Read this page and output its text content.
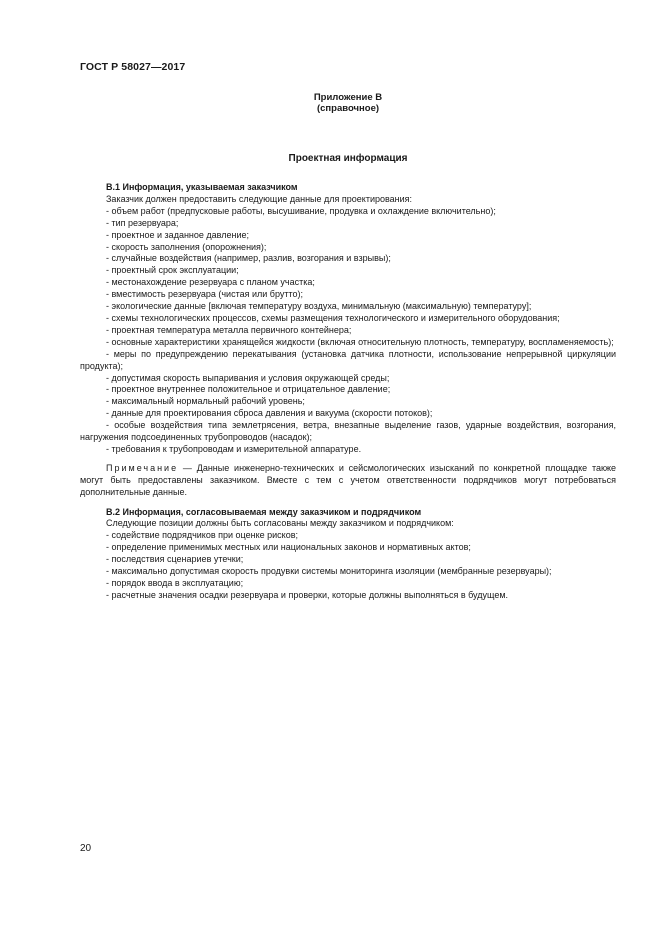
ГОСТ Р 58027—2017
Приложение В
(справочное)
Проектная информация

В.1 Информация, указываемая заказчиком

Заказчик должен предоставить следующие данные для проектирования:

- объем работ (предпусковые работы, высушивание, продувка и охлаждение включительно);

- тип резервуара;

- проектное и заданное давление;

- скорость заполнения (опорожнения);

- случайные воздействия (например, разлив, возгорания и взрывы);

- проектный срок эксплуатации;

- местонахождение резервуара с планом участка;

- вместимость резервуара (чистая или брутто);

- экологические данные [включая температуру воздуха, минимальную (максимальную) температуру];

- схемы технологических процессов, схемы размещения технологического и измерительного оборудования;

- проектная температура металла первичного контейнера;

- основные характеристики хранящейся жидкости (включая относительную плотность, температуру, воспламеняемость);

- меры по предупреждению перекатывания (установка датчика плотности, использование непрерывной циркуляции продукта);

- допустимая скорость выпаривания и условия окружающей среды;

- проектное внутреннее положительное и отрицательное давление;

- максимальный нормальный рабочий уровень;

- данные для проектирования сброса давления и вакуума (скорости потоков);

- особые воздействия типа землетрясения, ветра, внезапные выделение газов, ударные воздействия, возгорания, нагружения подсоединенных трубопроводов (насадок);

- требования к трубопроводам и измерительной аппаратуре.

Примечание — Данные инженерно-технических и сейсмологических изысканий по конкретной площадке также могут быть предоставлены заказчиком. Вместе с тем с учетом ответственности подрядчиков могут потребоваться дополнительные данные.

В.2 Информация, согласовываемая между заказчиком и подрядчиком

Следующие позиции должны быть согласованы между заказчиком и подрядчиком:

- содействие подрядчиков при оценке рисков;

- определение применимых местных или национальных законов и нормативных актов;

- последствия сценариев утечки;

- максимально допустимая скорость продувки системы мониторинга изоляции (мембранные резервуары);

- порядок ввода в эксплуатацию;

- расчетные значения осадки резервуара и проверки, которые должны выполняться в будущем.

20
